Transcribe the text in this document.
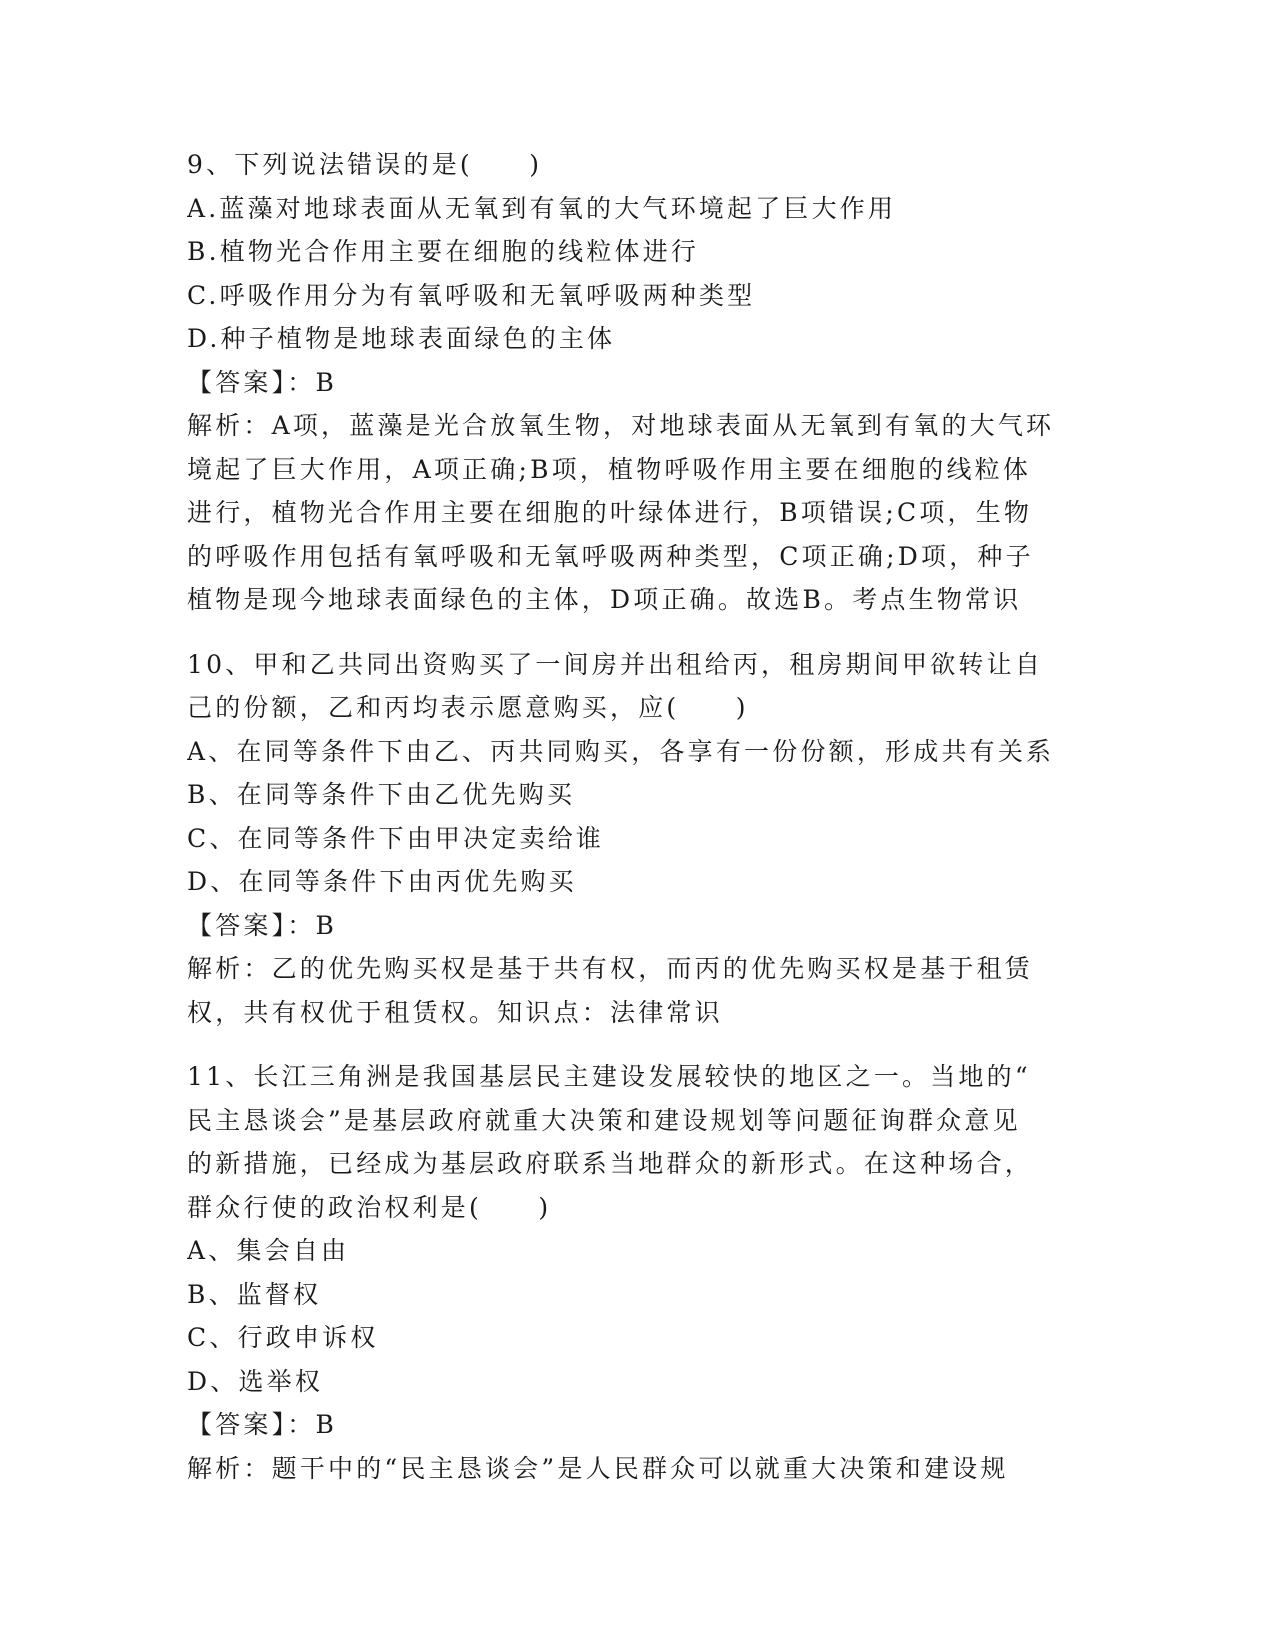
9、下列说法错误的是(　　)
A.蓝藻对地球表面从无氧到有氧的大气环境起了巨大作用
B.植物光合作用主要在细胞的线粒体进行
C.呼吸作用分为有氧呼吸和无氧呼吸两种类型
D.种子植物是地球表面绿色的主体
【答案】：B
解析：A项，蓝藻是光合放氧生物，对地球表面从无氧到有氧的大气环
境起了巨大作用，A项正确;B项，植物呼吸作用主要在细胞的线粒体
进行，植物光合作用主要在细胞的叶绿体进行，B项错误;C项，生物
的呼吸作用包括有氧呼吸和无氧呼吸两种类型，C项正确;D项，种子
植物是现今地球表面绿色的主体，D项正确。故选B。考点生物常识
10、甲和乙共同出资购买了一间房并出租给丙，租房期间甲欲转让自
己的份额，乙和丙均表示愿意购买，应(　　)
A、在同等条件下由乙、丙共同购买，各享有一份份额，形成共有关系
B、在同等条件下由乙优先购买
C、在同等条件下由甲决定卖给谁
D、在同等条件下由丙优先购买
【答案】：B
解析：乙的优先购买权是基于共有权，而丙的优先购买权是基于租赁
权，共有权优于租赁权。知识点：法律常识
11、长江三角洲是我国基层民主建设发展较快的地区之一。当地的“
民主恳谈会”是基层政府就重大决策和建设规划等问题征询群众意见
的新措施，已经成为基层政府联系当地群众的新形式。在这种场合，
群众行使的政治权利是(　　)
A、集会自由
B、监督权
C、行政申诉权
D、选举权
【答案】：B
解析：题干中的“民主恳谈会”是人民群众可以就重大决策和建设规
